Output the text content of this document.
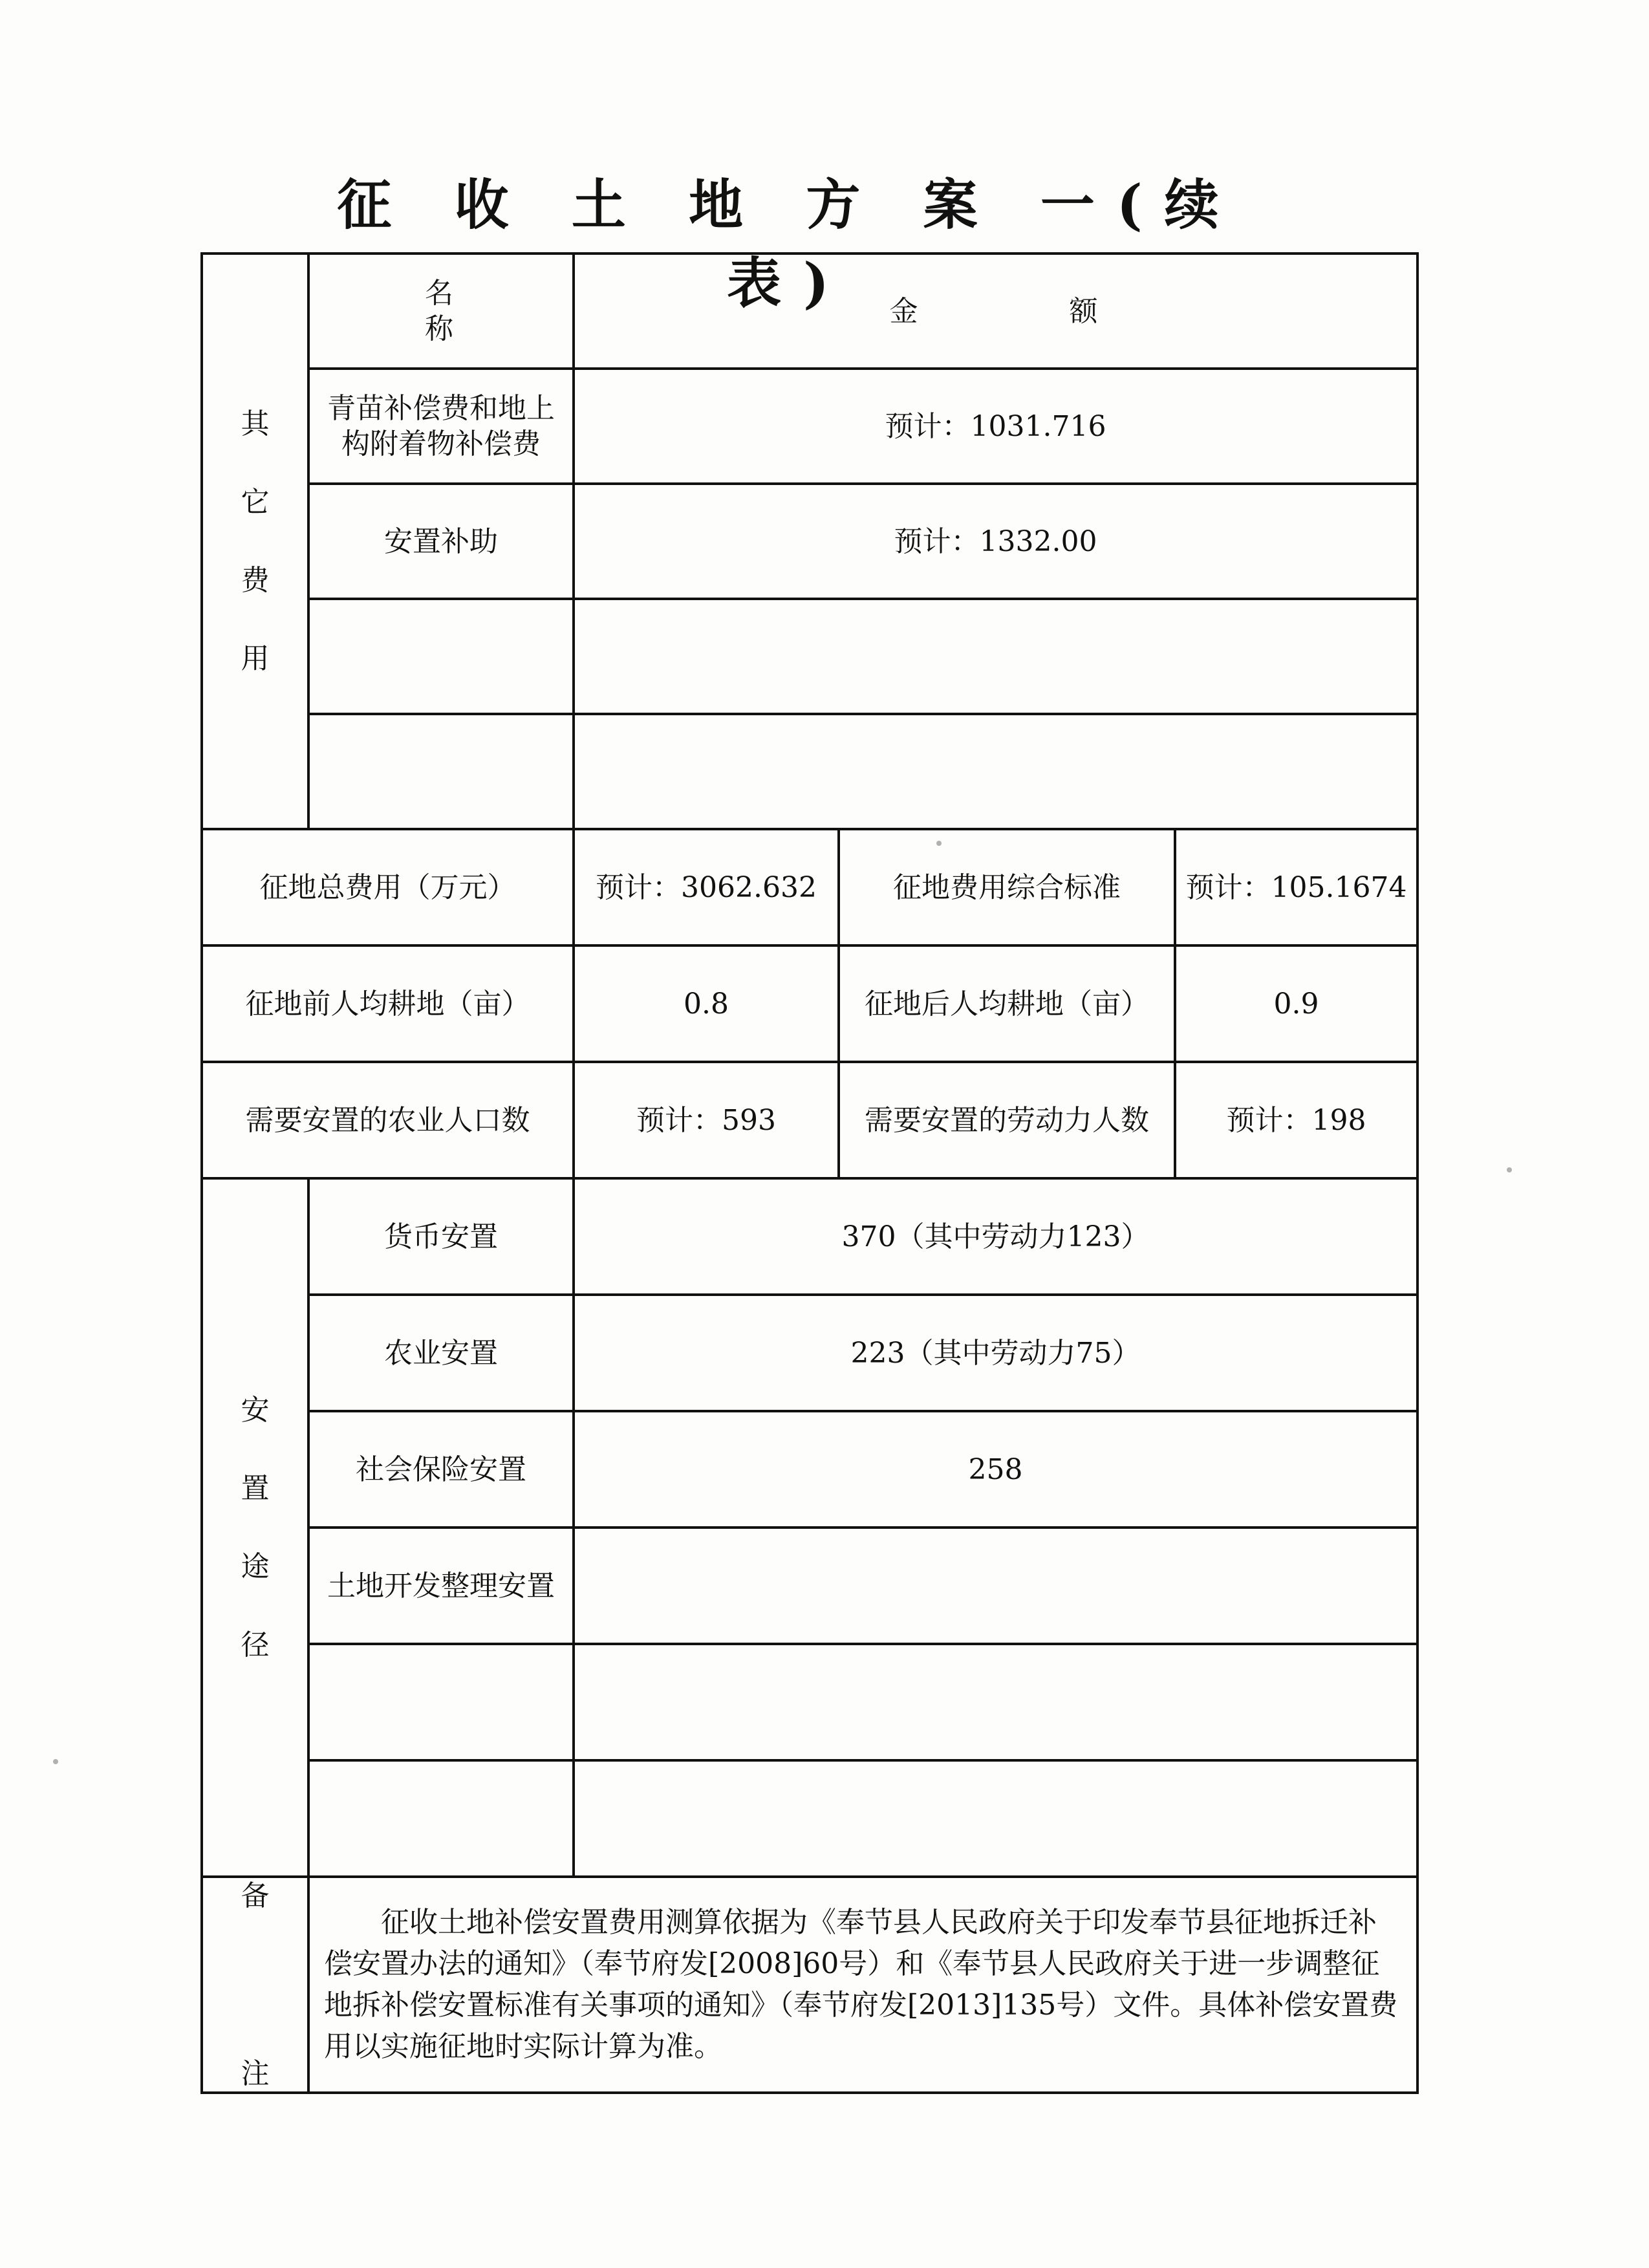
征 收 土 地 方 案 一(续表)
其
它
费
用	名 称	金 额		
	青苗补偿费和地上构附着物补偿费	预计：1031.716		
	安置补助	预计：1332.00		

征地总费用（万元）		预计：3062.632	征地费用综合标准	预计：105.1674
征地前人均耕地（亩）		0.8	征地后人均耕地（亩）	0.9
需要安置的农业人口数		预计：593	需要安置的劳动力人数	预计：198
安
置
途
径	货币安置	370（其中劳动力123）		
	农业安置	223（其中劳动力75）		
	社会保险安置	258		
	土地开发整理安置			

备
注	征收土地补偿安置费用测算依据为《奉节县人民政府关于印发奉节县征地拆迁补偿安置办法的通知》（奉节府发[2008]60号）和《奉节县人民政府关于进一步调整征地拆补偿安置标准有关事项的通知》（奉节府发[2013]135号）文件。具体补偿安置费用以实施征地时实际计算为准。			
